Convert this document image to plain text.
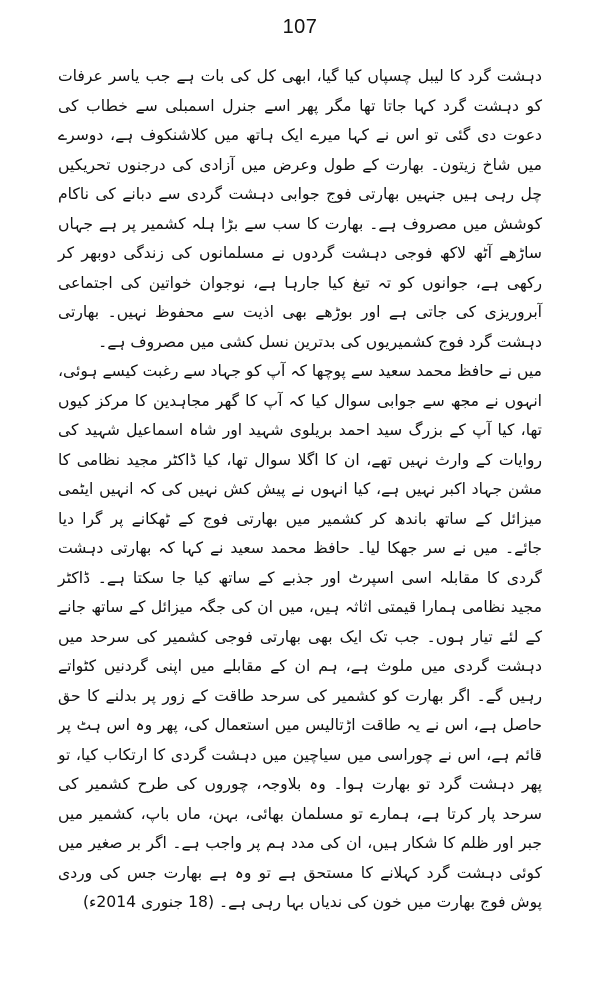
107

دہشت گرد کا لیبل چسپاں کیا گیا، ابھی کل کی بات ہے جب یاسر عرفات کو دہشت گرد کہا جاتا تھا مگر پھر اسے جنرل اسمبلی سے خطاب کی دعوت دی گئی تو اس نے کہا میرے ایک ہاتھ میں کلاشنکوف ہے، دوسرے میں شاخ زیتون۔ بھارت کے طول وعرض میں آزادی کی درجنوں تحریکیں چل رہی ہیں جنہیں بھارتی فوج جوابی دہشت گردی سے دبانے کی ناکام کوشش میں مصروف ہے۔ بھارت کا سب سے بڑا ہلہ کشمیر پر ہے جہاں ساڑھے آٹھ لاکھ فوجی دہشت گردوں نے مسلمانوں کی زندگی دوبھر کر رکھی ہے، جوانوں کو تہ تیغ کیا جارہا ہے، نوجوان خواتین کی اجتماعی آبروریزی کی جاتی ہے اور بوڑھے بھی اذیت سے محفوظ نہیں۔ بھارتی دہشت گرد فوج کشمیریوں کی بدترین نسل کشی میں مصروف ہے۔

میں نے حافظ محمد سعید سے پوچھا کہ آپ کو جہاد سے رغبت کیسے ہوئی، انہوں نے مجھ سے جوابی سوال کیا کہ آپ کا گھر مجاہدین کا مرکز کیوں تھا، کیا آپ کے بزرگ سید احمد بریلوی شہید اور شاہ اسماعیل شہید کی روایات کے وارث نہیں تھے، ان کا اگلا سوال تھا، کیا ڈاکٹر مجید نظامی کا مشن جہاد اکبر نہیں ہے، کیا انہوں نے پیش کش نہیں کی کہ انہیں ایٹمی میزائل کے ساتھ باندھ کر کشمیر میں بھارتی فوج کے ٹھکانے پر گرا دیا جائے۔ میں نے سر جھکا لیا۔ حافظ محمد سعید نے کہا کہ بھارتی دہشت گردی کا مقابلہ اسی اسپرٹ اور جذبے کے ساتھ کیا جا سکتا ہے۔ ڈاکٹر مجید نظامی ہمارا قیمتی اثاثہ ہیں، میں ان کی جگہ میزائل کے ساتھ جانے کے لئے تیار ہوں۔ جب تک ایک بھی بھارتی فوجی کشمیر کی سرحد میں دہشت گردی میں ملوث ہے، ہم ان کے مقابلے میں اپنی گردنیں کٹواتے رہیں گے۔ اگر بھارت کو کشمیر کی سرحد طاقت کے زور پر بدلنے کا حق حاصل ہے، اس نے یہ طاقت اڑتالیس میں استعمال کی، پھر وہ اس ہٹ پر قائم ہے، اس نے چوراسی میں سیاچین میں دہشت گردی کا ارتکاب کیا، تو پھر دہشت گرد تو بھارت ہوا۔ وہ بلاوجہ، چوروں کی طرح کشمیر کی سرحد پار کرتا ہے، ہمارے تو مسلمان بھائی، بہن، ماں باپ، کشمیر میں جبر اور ظلم کا شکار ہیں، ان کی مدد ہم پر واجب ہے۔ اگر بر صغیر میں کوئی دہشت گرد کہلانے کا مستحق ہے تو وہ ہے بھارت جس کی وردی پوش فوج بھارت میں خون کی ندیاں بہا رہی ہے۔ (18 جنوری 2014ء)
